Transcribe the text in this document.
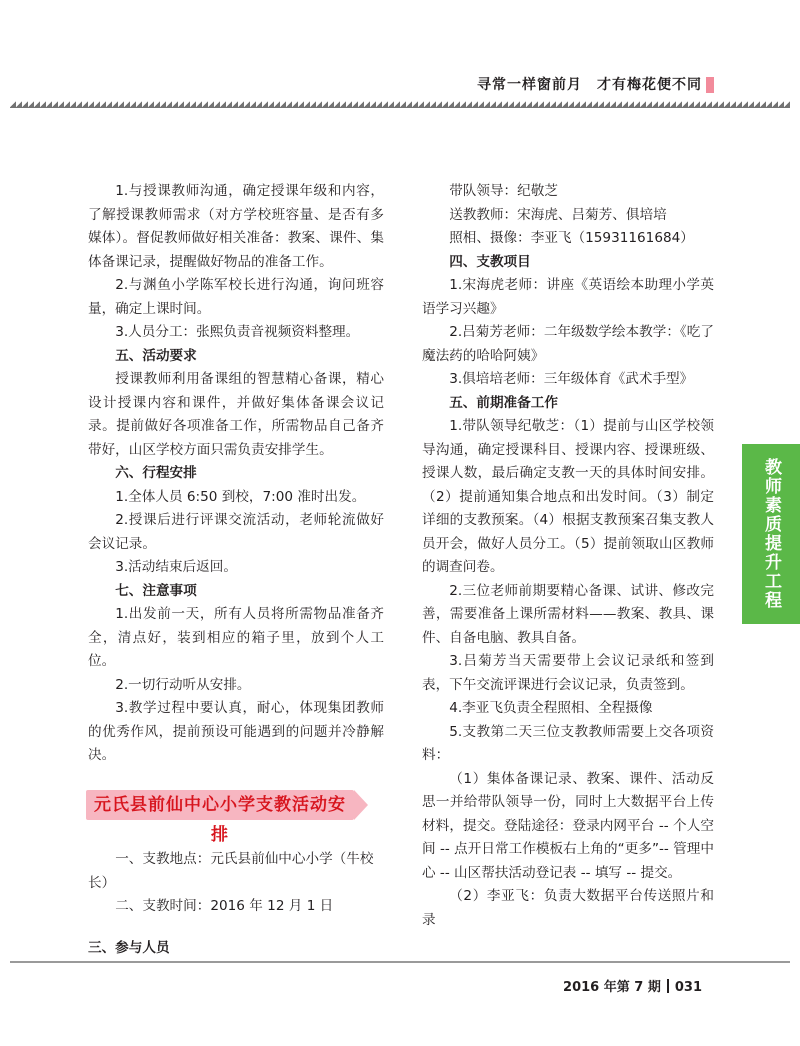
寻常一样窗前月　才有梅花便不同

1.与授课教师沟通，确定授课年级和内容，了解授课教师需求（对方学校班容量、是否有多媒体）。督促教师做好相关准备：教案、课件、集体备课记录，提醒做好物品的准备工作。

2.与渊鱼小学陈军校长进行沟通，询问班容量，确定上课时间。

3.人员分工：张熙负责音视频资料整理。

五、活动要求

授课教师利用备课组的智慧精心备课，精心设计授课内容和课件，并做好集体备课会议记录。提前做好各项准备工作，所需物品自己备齐带好，山区学校方面只需负责安排学生。

六、行程安排

1.全体人员 6:50 到校，7:00 准时出发。

2.授课后进行评课交流活动，老师轮流做好会议记录。

3.活动结束后返回。

七、注意事项

1.出发前一天，所有人员将所需物品准备齐全，清点好，装到相应的箱子里，放到个人工位。

2.一切行动听从安排。

3.教学过程中要认真，耐心，体现集团教师的优秀作风，提前预设可能遇到的问题并冷静解决。

元氏县前仙中心小学支教活动安排

一、支教地点：元氏县前仙中心小学（牛校长）

二、支教时间：2016 年 12 月 1 日

三、参与人员

带队领导：纪敬芝

送教教师：宋海虎、吕菊芳、俱培培

照相、摄像：李亚飞（15931161684）

四、支教项目

1.宋海虎老师：讲座《英语绘本助理小学英语学习兴趣》

2.吕菊芳老师：二年级数学绘本教学：《吃了魔法药的哈哈阿姨》

3.俱培培老师：三年级体育《武术手型》

五、前期准备工作

1.带队领导纪敬芝：（1）提前与山区学校领导沟通，确定授课科目、授课内容、授课班级、授课人数，最后确定支教一天的具体时间安排。（2）提前通知集合地点和出发时间。（3）制定详细的支教预案。（4）根据支教预案召集支教人员开会，做好人员分工。（5）提前领取山区教师的调查问卷。

2.三位老师前期要精心备课、试讲、修改完善，需要准备上课所需材料——教案、教具、课件、自备电脑、教具自备。

3.吕菊芳当天需要带上会议记录纸和签到表，下午交流评课进行会议记录，负责签到。

4.李亚飞负责全程照相、全程摄像

5.支教第二天三位支教教师需要上交各项资料：

（1）集体备课记录、教案、课件、活动反思一并给带队领导一份，同时上大数据平台上传材料，提交。登陆途径：登录内网平台 -- 个人空间 -- 点开日常工作模板右上角的“更多”-- 管理中心 -- 山区帮扶活动登记表 -- 填写 -- 提交。

（2）李亚飞：负责大数据平台传送照片和录

教师素质提升工程
2016 年第 7 期 031
